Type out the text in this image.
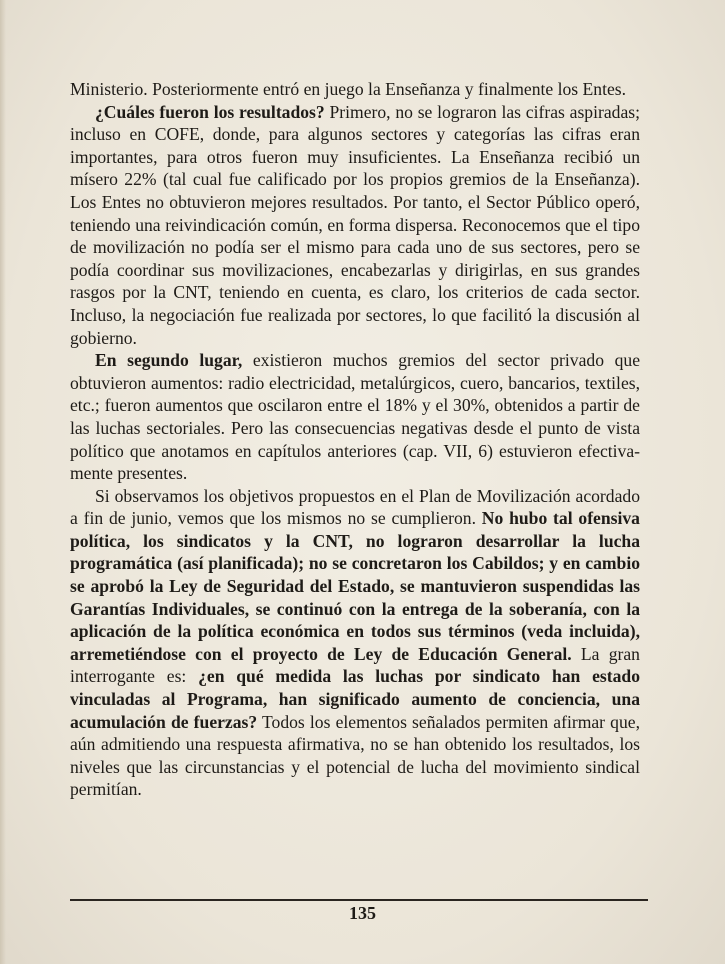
Ministerio. Posteriormente entró en juego la Enseñanza y finalmente los Entes.

¿Cuáles fueron los resultados? Primero, no se lograron las cifras aspiradas; incluso en COFE, donde, para algunos sectores y categorías las cifras eran importantes, para otros fueron muy insuficientes. La Enseñanza recibió un mísero 22% (tal cual fue calificado por los propios gremios de la Enseñanza). Los Entes no obtuvieron mejores resultados. Por tanto, el Sector Público operó, teniendo una reivindicación común, en forma dispersa. Reconocemos que el tipo de movilización no podía ser el mismo para cada uno de sus sectores, pero se podía coordinar sus movilizaciones, encabezarlas y dirigirlas, en sus grandes rasgos por la CNT, teniendo en cuenta, es claro, los criterios de cada sector. Incluso, la negociación fue realizada por sectores, lo que facilitó la discusión al gobierno.

En segundo lugar, existieron muchos gremios del sector privado que obtuvieron aumentos: radio electricidad, metalúrgicos, cuero, bancarios, textiles, etc.; fueron aumentos que oscilaron entre el 18% y el 30%, obtenidos a partir de las luchas sectoriales. Pero las consecuencias negativas desde el punto de vista político que anotamos en capítulos anteriores (cap. VII, 6) estuvieron efectivamente presentes.

Si observamos los objetivos propuestos en el Plan de Movilización acordado a fin de junio, vemos que los mismos no se cumplieron. No hubo tal ofensiva política, los sindicatos y la CNT, no lograron desarrollar la lucha programática (así planificada); no se concretaron los Cabildos; y en cambio se aprobó la Ley de Seguridad del Estado, se mantuvieron suspendidas las Garantías Individuales, se continuó con la entrega de la soberanía, con la aplicación de la política económica en todos sus términos (veda incluida), arremetiéndose con el proyecto de Ley de Educación General. La gran interrogante es: ¿en qué medida las luchas por sindicato han estado vinculadas al Programa, han significado aumento de conciencia, una acumulación de fuerzas? Todos los elementos señalados permiten afirmar que, aún admitiendo una respuesta afirmativa, no se han obtenido los resultados, los niveles que las circunstancias y el potencial de lucha del movimiento sindical permitían.

135
